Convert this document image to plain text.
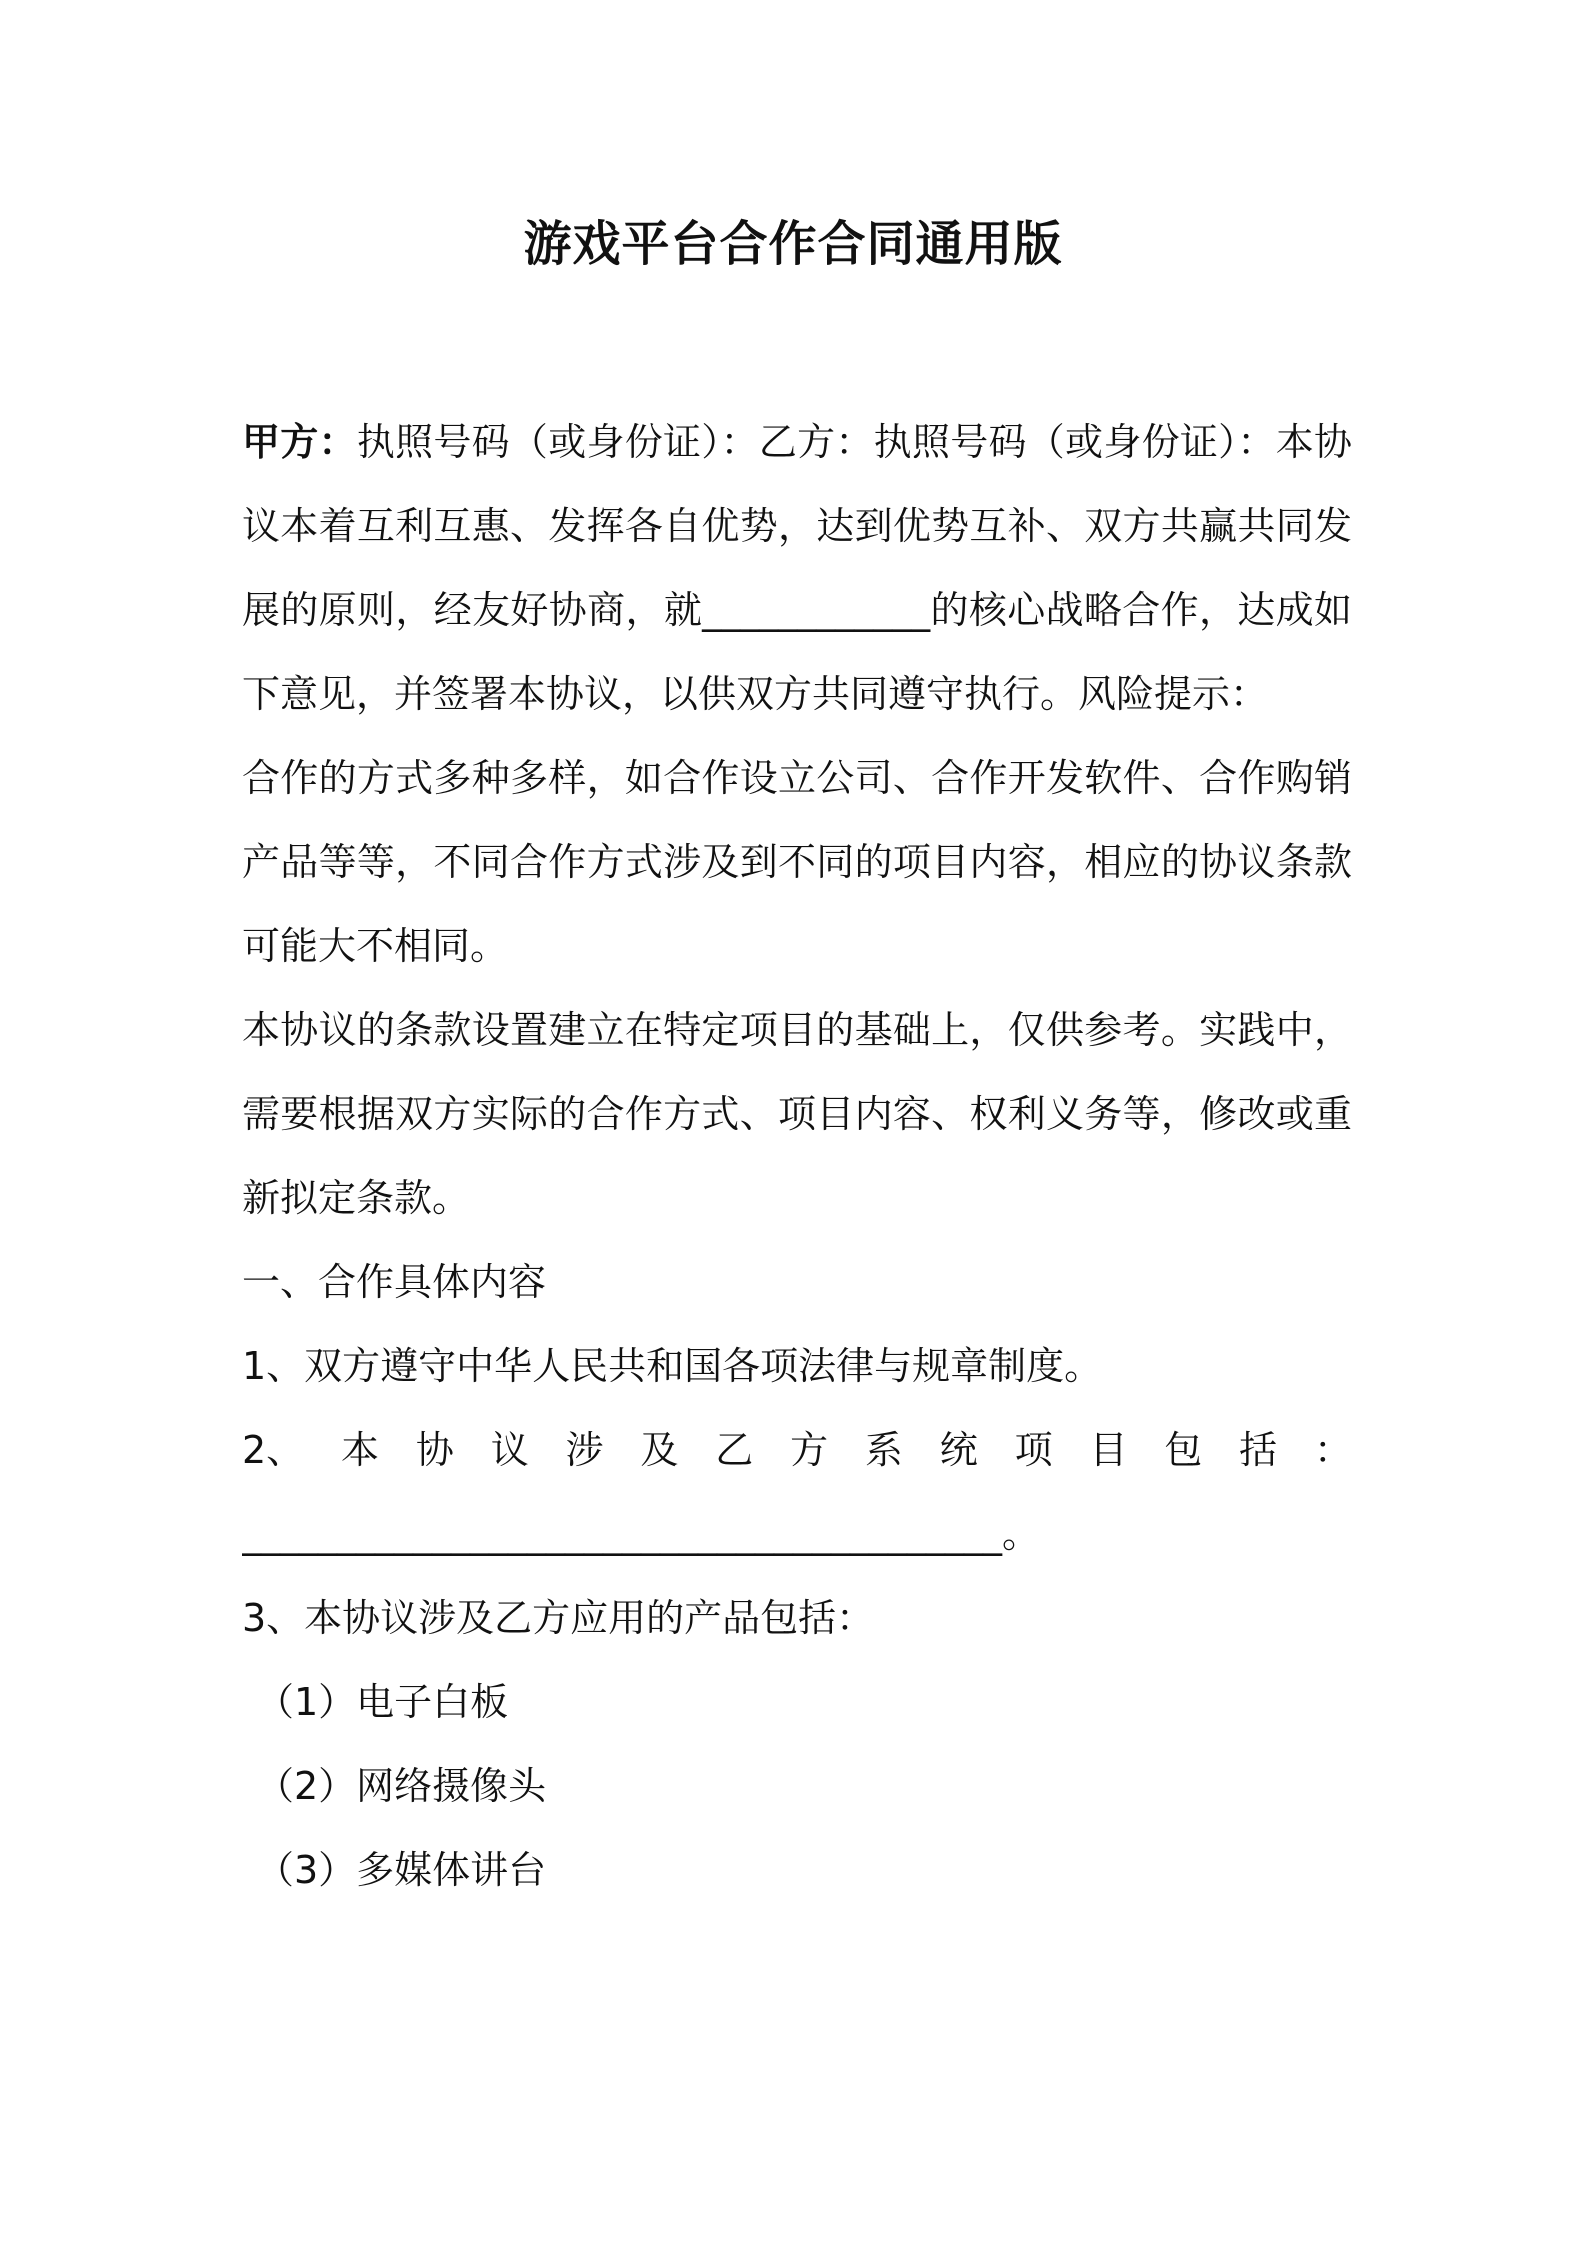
游戏平台合作合同通用版

甲方：执照号码（或身份证）：乙方：执照号码（或身份证）：本协议本着互利互惠、发挥各自优势，达到优势互补、双方共赢共同发展的原则，经友好协商，就____________的核心战略合作，达成如下意见，并签署本协议，以供双方共同遵守执行。风险提示：

合作的方式多种多样，如合作设立公司、合作开发软件、合作购销产品等等，不同合作方式涉及到不同的项目内容，相应的协议条款可能大不相同。

本协议的条款设置建立在特定项目的基础上，仅供参考。实践中，需要根据双方实际的合作方式、项目内容、权利义务等，修改或重新拟定条款。

一、合作具体内容
1、双方遵守中华人民共和国各项法律与规章制度。
2、 本 协 议 涉 及 乙 方 系 统 项 目 包 括 ：
________________________________________。
3、本协议涉及乙方应用的产品包括：
（1）电子白板
（2）网络摄像头
（3）多媒体讲台
